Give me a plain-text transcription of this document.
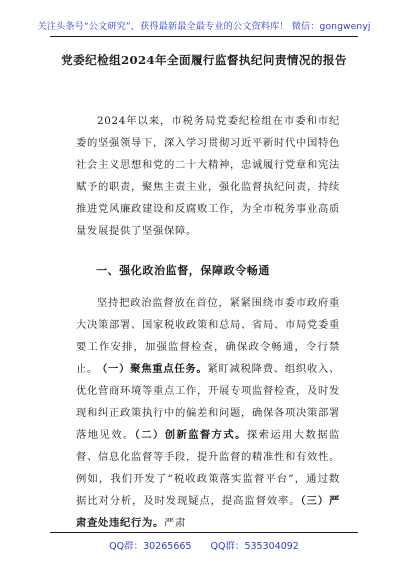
关注头条号“公文研究”，获得最新最全最专业的公文资料库！ 微信：gongwenyj
党委纪检组2024年全面履行监督执纪问责情况的报告

2024年以来，市税务局党委纪检组在市委和市纪委的坚强领导下，深入学习贯彻习近平新时代中国特色社会主义思想和党的二十大精神，忠诚履行党章和宪法赋予的职责，聚焦主责主业，强化监督执纪问责，持续推进党风廉政建设和反腐败工作，为全市税务事业高质量发展提供了坚强保障。

一、强化政治监督，保障政令畅通

坚持把政治监督放在首位，紧紧围绕市委市政府重大决策部署、国家税收政策和总局、省局、市局党委重要工作安排，加强监督检查，确保政令畅通，令行禁止。 （一）聚焦重点任务。紧盯减税降费、组织收入、优化营商环境等重点工作，开展专项监督检查，及时发现和纠正政策执行中的偏差和问题，确保各项决策部署落地见效。（二）创新监督方式。探索运用大数据监督、信息化监督等手段，提升监督的精准性和有效性。例如，我们开发了“税收政策落实监督平台”，通过数据比对分析，及时发现疑点，提高监督效率。（三）严肃查处违纪行为。严肃

QQ群：30265665 QQ群：535304092
